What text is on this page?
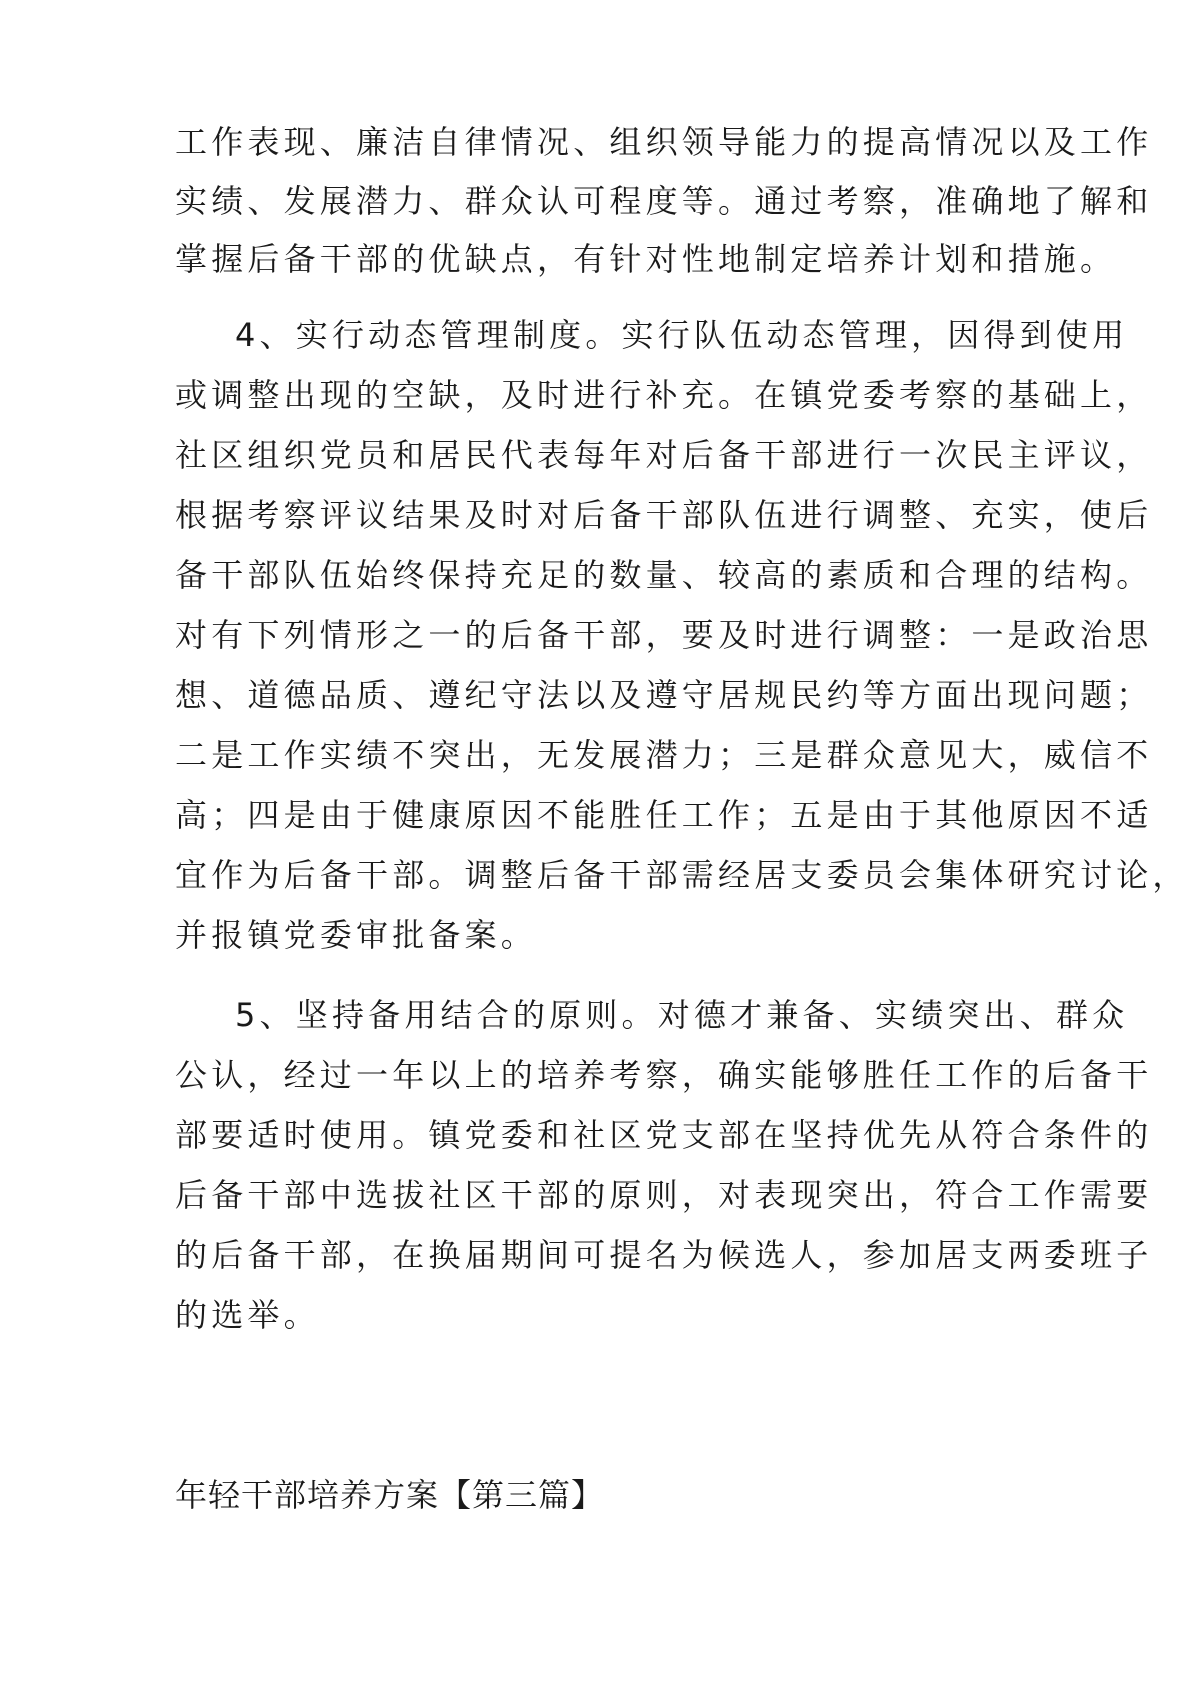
工作表现、廉洁自律情况、组织领导能力的提高情况以及工作
实绩、发展潜力、群众认可程度等。通过考察，准确地了解和
掌握后备干部的优缺点，有针对性地制定培养计划和措施。
4、实行动态管理制度。实行队伍动态管理，因得到使用
或调整出现的空缺，及时进行补充。在镇党委考察的基础上，
社区组织党员和居民代表每年对后备干部进行一次民主评议，
根据考察评议结果及时对后备干部队伍进行调整、充实，使后
备干部队伍始终保持充足的数量、较高的素质和合理的结构。
对有下列情形之一的后备干部，要及时进行调整：一是政治思
想、道德品质、遵纪守法以及遵守居规民约等方面出现问题；
二是工作实绩不突出，无发展潜力；三是群众意见大，威信不
高；四是由于健康原因不能胜任工作；五是由于其他原因不适
宜作为后备干部。调整后备干部需经居支委员会集体研究讨论，
并报镇党委审批备案。
5、坚持备用结合的原则。对德才兼备、实绩突出、群众
公认，经过一年以上的培养考察，确实能够胜任工作的后备干
部要适时使用。镇党委和社区党支部在坚持优先从符合条件的
后备干部中选拔社区干部的原则，对表现突出，符合工作需要
的后备干部，在换届期间可提名为候选人，参加居支两委班子
的选举。
年轻干部培养方案【第三篇】
